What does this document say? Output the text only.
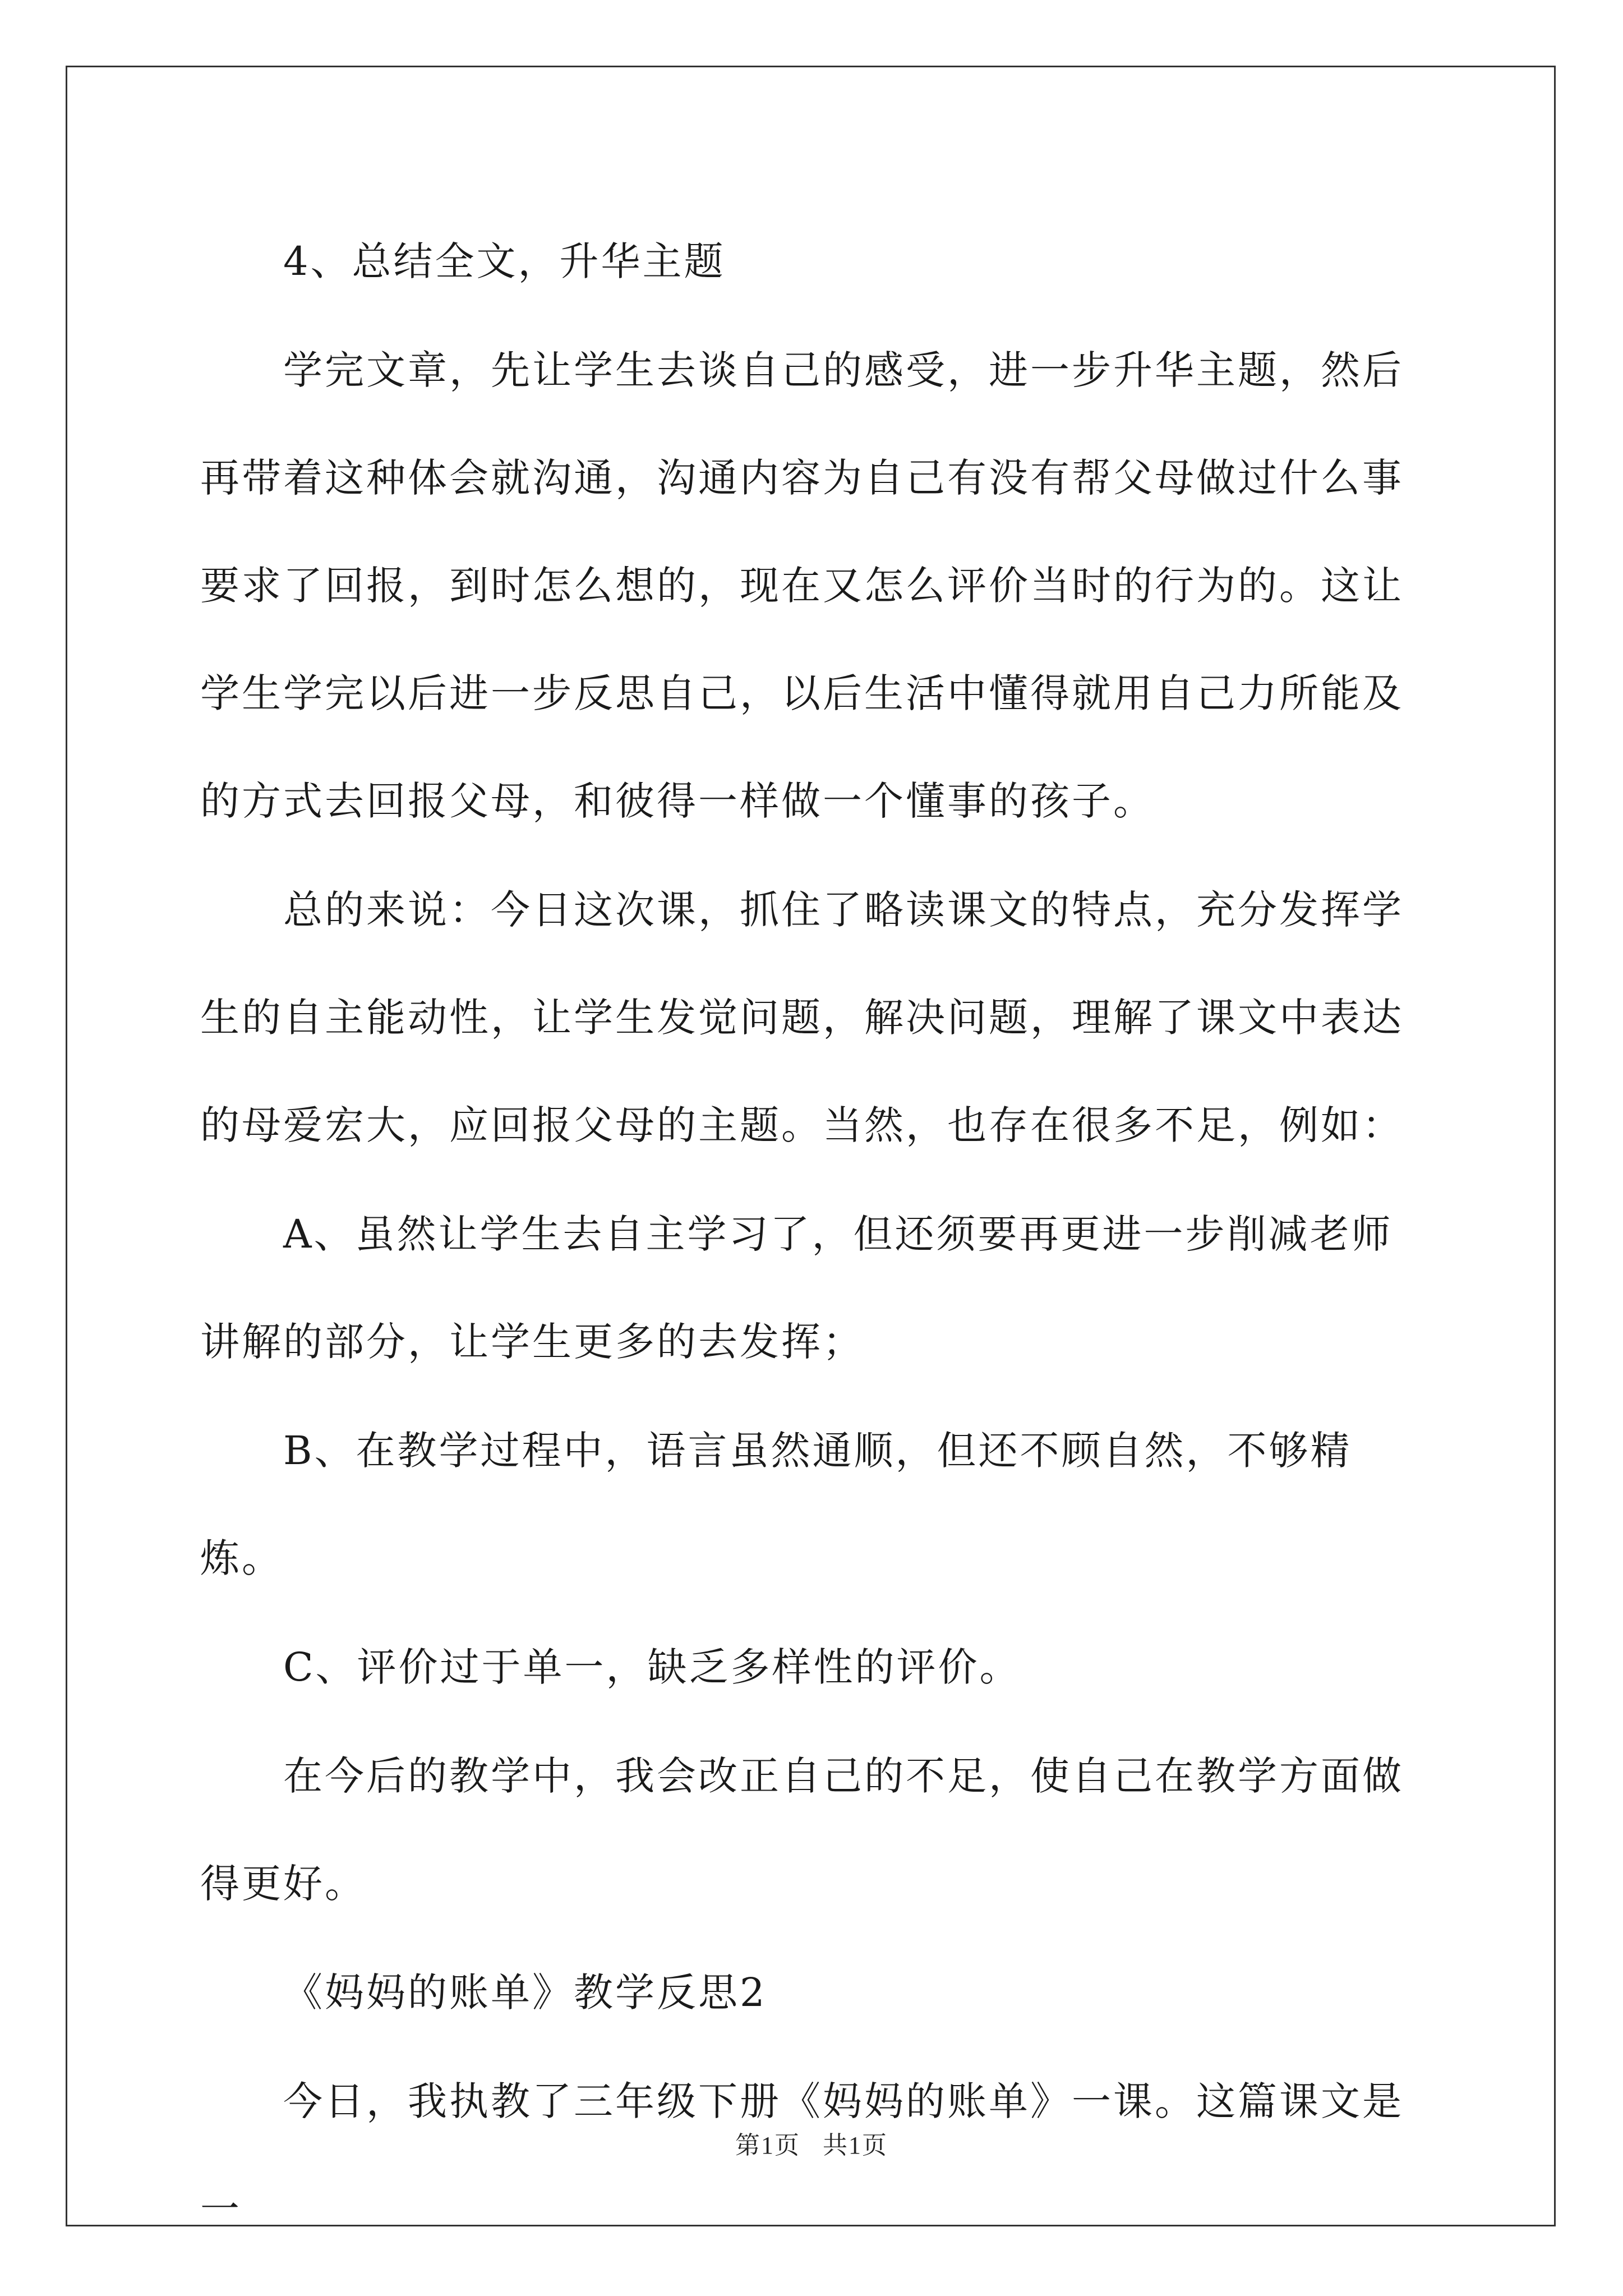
4、总结全文，升华主题

学完文章，先让学生去谈自己的感受，进一步升华主题，然后再带着这种体会就沟通，沟通内容为自己有没有帮父母做过什么事要求了回报，到时怎么想的，现在又怎么评价当时的行为的。这让学生学完以后进一步反思自己，以后生活中懂得就用自己力所能及的方式去回报父母，和彼得一样做一个懂事的孩子。

总的来说：今日这次课，抓住了略读课文的特点，充分发挥学生的自主能动性，让学生发觉问题，解决问题，理解了课文中表达的母爱宏大，应回报父母的主题。当然，也存在很多不足，例如：

A、虽然让学生去自主学习了，但还须要再更进一步削减老师讲解的部分，让学生更多的去发挥；

B、在教学过程中，语言虽然通顺，但还不顾自然，不够精炼。

C、评价过于单一，缺乏多样性的评价。

在今后的教学中，我会改正自己的不足，使自己在教学方面做得更好。

《妈妈的账单》教学反思2

今日，我执教了三年级下册《妈妈的账单》一课。这篇课文是一

第1页 共1页
